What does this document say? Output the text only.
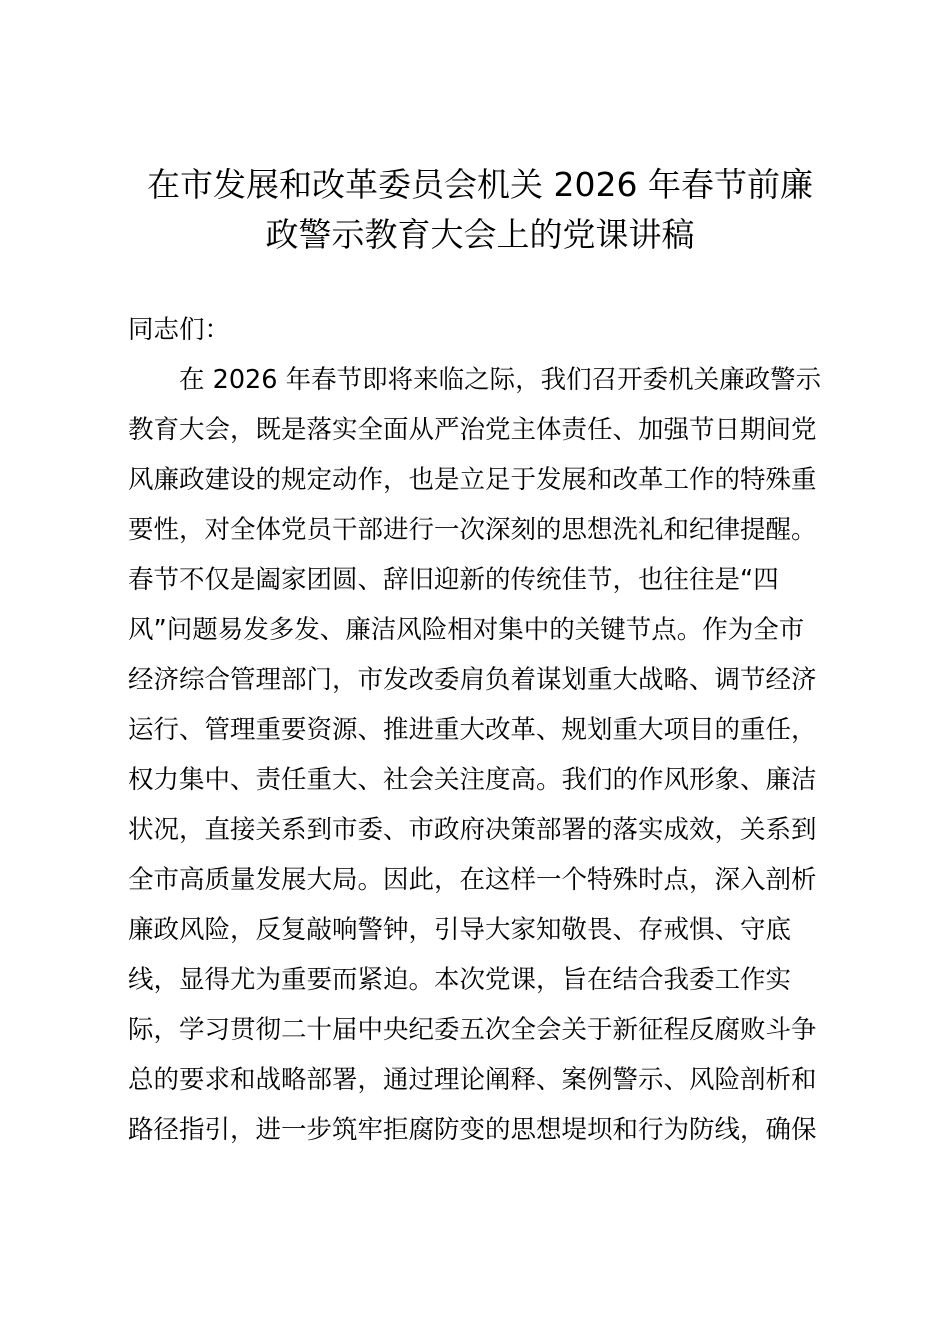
在市发展和改革委员会机关 2026 年春节前廉
政警示教育大会上的党课讲稿
同志们：
　　在 2026 年春节即将来临之际，我们召开委机关廉政警示
教育大会，既是落实全面从严治党主体责任、加强节日期间党
风廉政建设的规定动作，也是立足于发展和改革工作的特殊重
要性，对全体党员干部进行一次深刻的思想洗礼和纪律提醒。
春节不仅是阖家团圆、辞旧迎新的传统佳节，也往往是“四
风”问题易发多发、廉洁风险相对集中的关键节点。作为全市
经济综合管理部门，市发改委肩负着谋划重大战略、调节经济
运行、管理重要资源、推进重大改革、规划重大项目的重任，
权力集中、责任重大、社会关注度高。我们的作风形象、廉洁
状况，直接关系到市委、市政府决策部署的落实成效，关系到
全市高质量发展大局。因此，在这样一个特殊时点，深入剖析
廉政风险，反复敲响警钟，引导大家知敬畏、存戒惧、守底
线，显得尤为重要而紧迫。本次党课，旨在结合我委工作实
际，学习贯彻二十届中央纪委五次全会关于新征程反腐败斗争
总的要求和战略部署，通过理论阐释、案例警示、风险剖析和
路径指引，进一步筑牢拒腐防变的思想堤坝和行为防线，确保
